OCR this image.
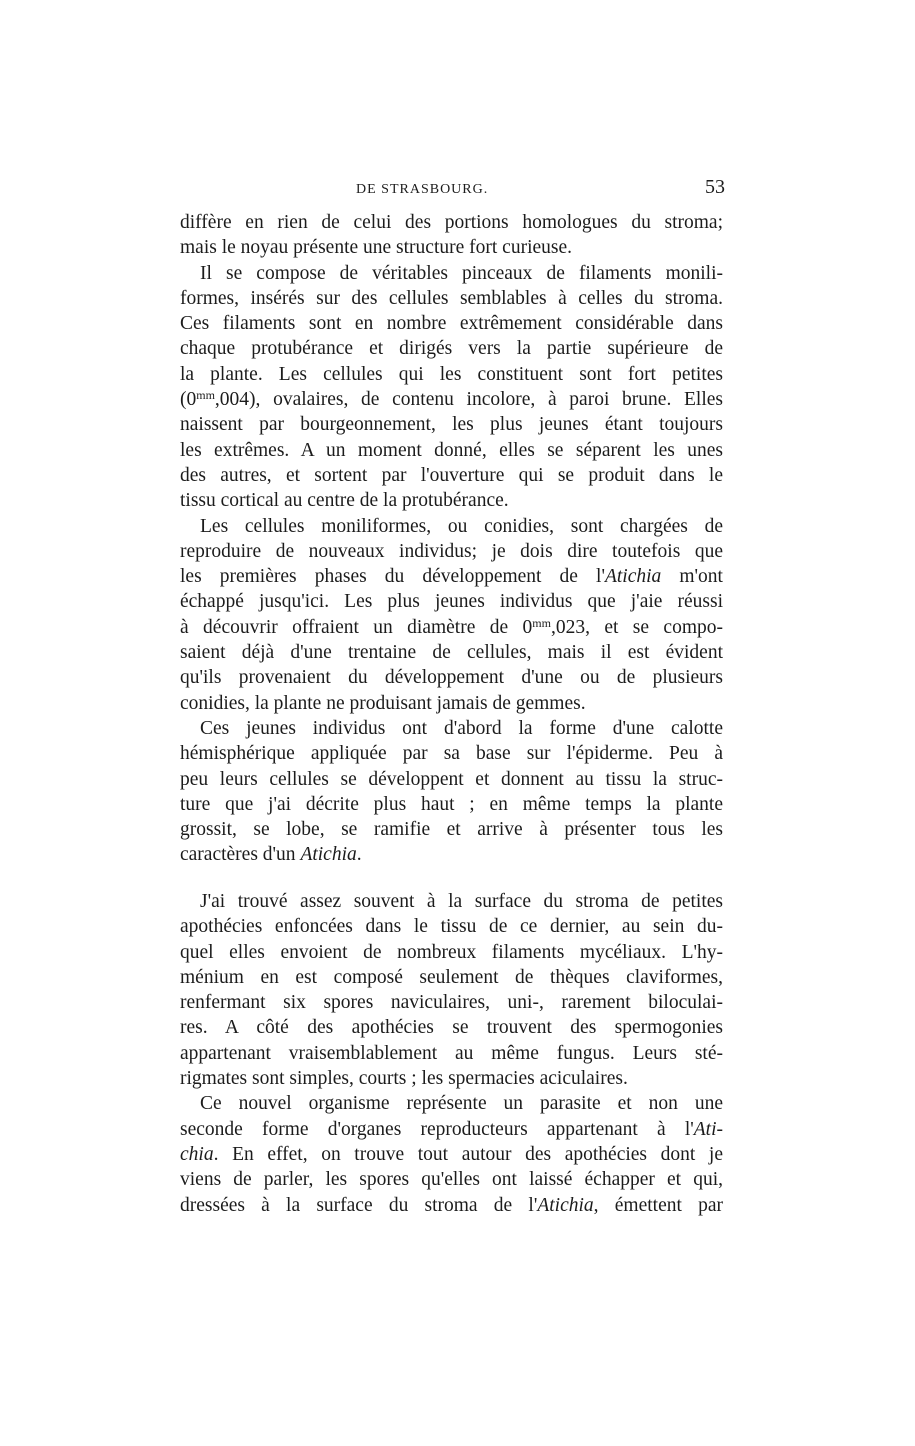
DE STRASBOURG.	53
diffère en rien de celui des portions homologues du stroma;
mais le noyau présente une structure fort curieuse.
Il se compose de véritables pinceaux de filaments monili-
formes, insérés sur des cellules semblables à celles du stroma.
Ces filaments sont en nombre extrêmement considérable dans
chaque protubérance et dirigés vers la partie supérieure de
la plante. Les cellules qui les constituent sont fort petites
$(0^{mm},004)$, ovalaires, de contenu incolore, à paroi brune. Elles
naissent par bourgeonnement, les plus jeunes étant toujours
les extrêmes. A un moment donné, elles se séparent les unes
des autres, et sortent par l'ouverture qui se produit dans le
tissu cortical au centre de la protubérance.
Les cellules moniliformes, ou conidies, sont chargées de
reproduire de nouveaux individus; je dois dire toutefois que
les premières phases du développement de l'Atichia m'ont
échappé jusqu'ici. Les plus jeunes individus que j'aie réussi
à découvrir offraient un diamètre de $0^{mm},023$, et se compo-
saient déjà d'une trentaine de cellules, mais il est évident
qu'ils provenaient du développement d'une ou de plusieurs
conidies, la plante ne produisant jamais de gemmes.
Ces jeunes individus ont d'abord la forme d'une calotte
hémisphérique appliquée par sa base sur l'épiderme. Peu à
peu leurs cellules se développent et donnent au tissu la struc-
ture que j'ai décrite plus haut ; en même temps la plante
grossit, se lobe, se ramifie et arrive à présenter tous les
caractères d'un Atichia.
J'ai trouvé assez souvent à la surface du stroma de petites
apothécies enfoncées dans le tissu de ce dernier, au sein du-
quel elles envoient de nombreux filaments mycéliaux. L'hy-
ménium en est composé seulement de thèques claviformes,
renfermant six spores naviculaires, uni-, rarement biloculai-
res. A côté des apothécies se trouvent des spermogonies
appartenant vraisemblablement au même fungus. Leurs sté-
rigmates sont simples, courts ; les spermacies aciculaires.
Ce nouvel organisme représente un parasite et non une
seconde forme d'organes reproducteurs appartenant à l'Ati-
chia. En effet, on trouve tout autour des apothécies dont je
viens de parler, les spores qu'elles ont laissé échapper et qui,
dressées à la surface du stroma de l'Atichia, émettent par
